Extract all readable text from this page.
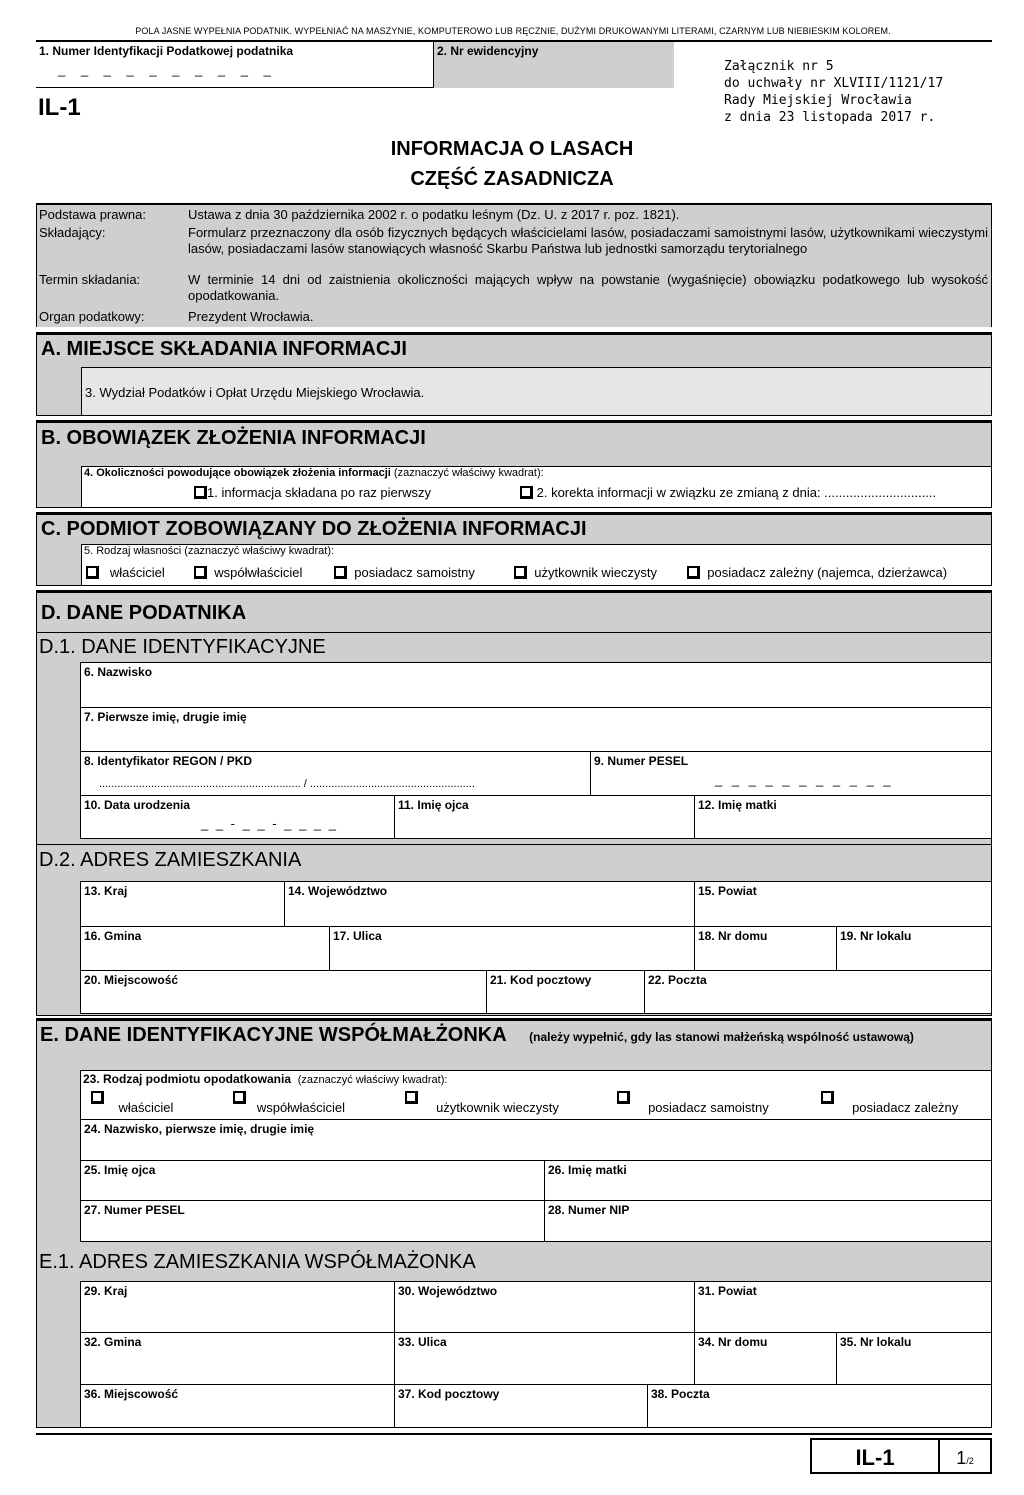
POLA JASNE WYPEŁNIA PODATNIK. WYPEŁNIAĆ NA MASZYNIE, KOMPUTEROWO LUB RĘCZNIE, DUŻYMI DRUKOWANYMI LITERAMI, CZARNYM LUB NIEBIESKIM KOLOREM.
1. Numer Identyfikacji Podatkowej podatnika
_ _ _ _ _ _ _ _ _ _
2. Nr ewidencyjny
IL-1
Załącznik nr 5
do uchwały nr XLVIII/1121/17
Rady Miejskiej Wrocławia
z dnia 23 listopada 2017 r.
INFORMACJA O LASACH
CZĘŚĆ ZASADNICZA
Podstawa prawna:	Ustawa z dnia 30 października 2002 r. o podatku leśnym (Dz. U. z 2017 r. poz. 1821).
Składający:	Formularz przeznaczony dla osób fizycznych będących właścicielami lasów, posiadaczami samoistnymi lasów, użytkownikami wieczystymi lasów, posiadaczami lasów stanowiących własność Skarbu Państwa lub jednostki samorządu terytorialnego
Termin składania:	W terminie 14 dni od zaistnienia okoliczności mających wpływ na powstanie (wygaśnięcie) obowiązku podatkowego lub wysokość opodatkowania.
Organ podatkowy:	Prezydent Wrocławia.
A. MIEJSCE SKŁADANIA INFORMACJI
3. Wydział Podatków i Opłat Urzędu Miejskiego Wrocławia.
B. OBOWIĄZEK ZŁOŻENIA INFORMACJI
4. Okoliczności powodujące obowiązek złożenia informacji (zaznaczyć właściwy kwadrat):
1. informacja składana po raz pierwszy	2. korekta informacji w związku ze zmianą z dnia: ...............................
C. PODMIOT ZOBOWIĄZANY DO ZŁOŻENIA INFORMACJI
5. Rodzaj własności (zaznaczyć właściwy kwadrat):
właściciel	współwłaściciel	posiadacz samoistny	użytkownik wieczysty	posiadacz zależny (najemca, dzierżawca)
D. DANE PODATNIKA
D.1. DANE IDENTYFIKACYJNE
6. Nazwisko
7. Pierwsze imię, drugie imię
8. Identyfikator REGON / PKD
.................................................................. / ......................................................
9. Numer PESEL
_ _ _ _ _ _ _ _ _ _ _
10. Data urodzenia
_ _ - _ _ - _ _ _ _
11. Imię ojca	12. Imię matki
D.2. ADRES ZAMIESZKANIA
13. Kraj	14. Województwo	15. Powiat
16. Gmina	17. Ulica	18. Nr domu	19. Nr lokalu
20. Miejscowość	21. Kod pocztowy	22. Poczta
E. DANE IDENTYFIKACYJNE WSPÓŁMAŁŻONKA (należy wypełnić, gdy las stanowi małżeńską wspólność ustawową)
23. Rodzaj podmiotu opodatkowania (zaznaczyć właściwy kwadrat):
właściciel	współwłaściciel	użytkownik wieczysty	posiadacz samoistny	posiadacz zależny
24. Nazwisko, pierwsze imię, drugie imię
25. Imię ojca	26. Imię matki
27. Numer PESEL	28. Numer NIP
E.1. ADRES ZAMIESZKANIA WSPÓŁMAŻONKA
29. Kraj	30. Województwo	31. Powiat
32. Gmina	33. Ulica	34. Nr domu	35. Nr lokalu
36. Miejscowość	37. Kod pocztowy	38. Poczta
IL-1	1/2
